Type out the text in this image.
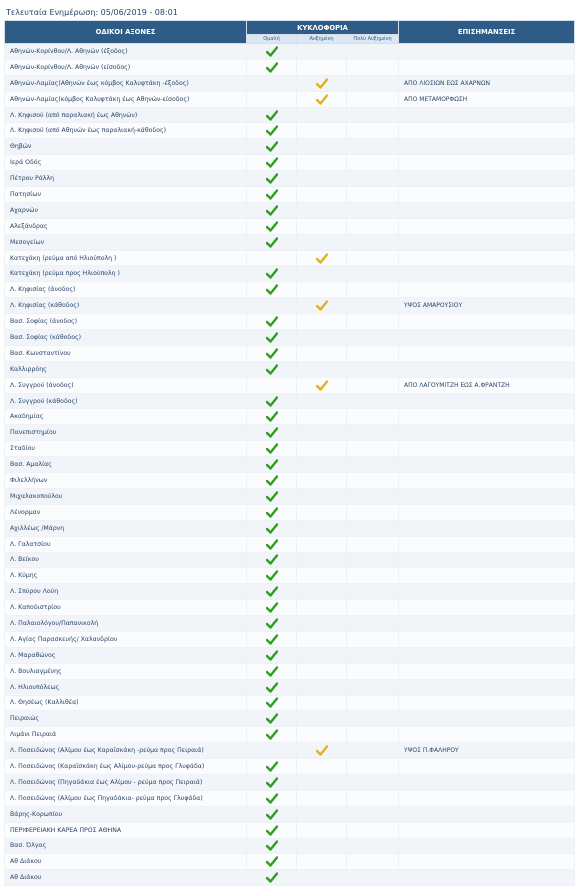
Τελευταία Ενημέρωση: 05/06/2019 - 08:01
ΟΔΙΚΟΙ ΑΞΟΝΕΣ	ΚΥΚΛΟΦΟΡΙΑ			ΕΠΙΣΗΜΑΝΣΕΙΣ
	Ομαλή	Αυξημένη	Πολύ Αυξημένη	
Αθηνών-Κορίνθου/Λ. Αθηνών (έξοδος)	

Αθηνών-Κορίνθου/Λ. Αθηνών (είσοδος)	

Αθηνών-Λαμίας(Αθηνών έως κόμβος Καλυφτάκη -έξοδος)				ΑΠΟ ΛΙΟΣΙΩΝ ΕΩΣ ΑΧΑΡΝΩΝ
Αθηνών-Λαμίας(κόμβος Καλυφτάκη έως Αθηνών-είσοδος)				ΑΠΟ ΜΕΤΑΜΟΡΦΩΣΗ
Λ. Κηφισού (από παραλιακή έως Αθηνών)	

Λ. Κηφισού (από Αθηνών έως παραλιακή-κάθοδος)	

Θηβών	

Ιερά Οδός	

Πέτρου Ράλλη	

Πατησίων	

Αχαρνών	

Αλεξάνδρας	

Μεσογείων	

Κατεχάκη (ρεύμα από Ηλιούπολη )		

Κατεχάκη (ρεύμα προς Ηλιούπολη )	

Λ. Κηφισίας (άνοδος)	

Λ. Κηφισίας (κάθοδος)				ΥΨΟΣ ΑΜΑΡΟΥΣΙΟΥ
Βασ. Σοφίας (άνοδος)	

Βασ. Σοφίας (κάθοδος)	

Βασ. Κωνσταντίνου	

Καλλιρρόης	

Λ. Συγγρού (άνοδος)				ΑΠΟ ΛΑΓΟΥΜΙΤΖΗ ΕΩΣ Α.ΦΡΑΝΤΖΗ
Λ. Συγγρού (κάθοδος)	

Ακαδημίας	

Πανεπιστημίου	

Σταδίου	

Βασ. Αμαλίας	

Φιλελλήνων	

Μιχαλακοπούλου	

Λένορμαν	

Αχιλλέως /Μάρνη	

Λ. Γαλατσίου	

Λ. Βείκου	

Λ. Κύμης	

Λ. Σπύρου Λούη	

Λ. Καποδιστρίου	

Λ. Παλαιολόγου/Παπανικολή	

Λ. Αγίας Παρασκευής/ Χαλανδρίου	

Λ. Μαραθώνος	

Λ. Βουλιαγμένης	

Λ. Ηλιουπόλεως	

Λ. Θησέως (Καλλιθέα)	

Πειραιώς	

Λιμάνι Πειραιά	

Λ. Ποσειδώνος (Αλίμου έως Καραϊσκάκη -ρεύμα προς Πειραιά)				ΥΨΟΣ Π.ΦΑΛΗΡΟΥ
Λ. Ποσειδώνος (Καραϊσκάκη έως Αλίμου-ρεύμα προς Γλυφάδα)	

Λ. Ποσειδώνος (Πηγαδάκια έως Αλίμου - ρεύμα προς Πειραιά)	

Λ. Ποσειδώνος (Αλίμου έως Πηγαδάκια- ρεύμα προς Γλυφάδα)	

Βάρης-Κορωπίου	

ΠΕΡΙΦΕΡΕΙΑΚΗ ΚΑΡΕΑ ΠΡΟΣ ΑΘΗΝΑ	

Βασ. Όλγας	

Αθ Διάκου	

Αθ Διάκου	
